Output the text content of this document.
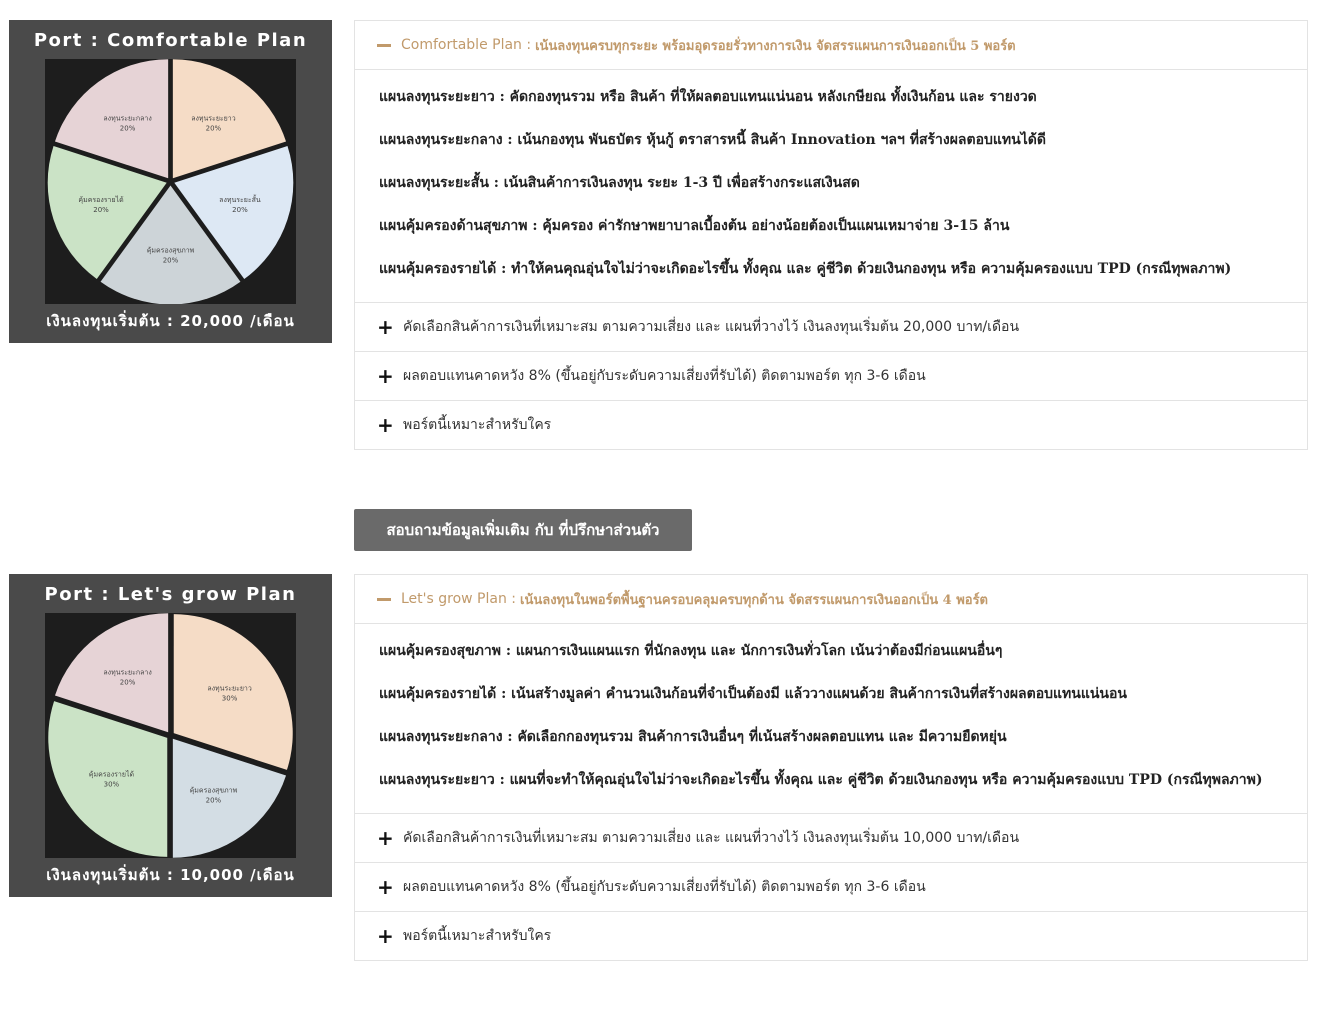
Port : Comfortable Plan
ลงทุนระยะยาว
20%
ลงทุนระยะสั้น
20%
คุ้มครองสุขภาพ
20%
คุ้มครองรายได้
20%
ลงทุนระยะกลาง
20%
เงินลงทุนเริ่มต้น : 20,000 /เดือน
Comfortable Plan : เน้นลงทุนครบทุกระยะ พร้อมอุดรอยรั่วทางการเงิน จัดสรรแผนการเงินออกเป็น 5 พอร์ต

แผนลงทุนระยะยาว : คัดกองทุนรวม หรือ สินค้า ที่ให้ผลตอบแทนแน่นอน หลังเกษียณ ทั้งเงินก้อน และ รายงวด

แผนลงทุนระยะกลาง : เน้นกองทุน พันธบัตร หุ้นกู้ ตราสารหนี้ สินค้า Innovation ฯลฯ ที่สร้างผลตอบแทนได้ดี

แผนลงทุนระยะสั้น : เน้นสินค้าการเงินลงทุน ระยะ 1-3 ปี เพื่อสร้างกระแสเงินสด

แผนคุ้มครองด้านสุขภาพ : คุ้มครอง ค่ารักษาพยาบาลเบื้องต้น อย่างน้อยต้องเป็นแผนเหมาจ่าย 3-15 ล้าน

แผนคุ้มครองรายได้ : ทำให้คนคุณอุ่นใจไม่ว่าจะเกิดอะไรขึ้น ทั้งคุณ และ คู่ชีวิต ด้วยเงินกองทุน หรือ ความคุ้มครองแบบ TPD (กรณีทุพลภาพ)

+ คัดเลือกสินค้าการเงินที่เหมาะสม ตามความเสี่ยง และ แผนที่วางไว้ เงินลงทุนเริ่มต้น 20,000 บาท/เดือน
+ ผลตอบแทนคาดหวัง 8% (ขึ้นอยู่กับระดับความเสี่ยงที่รับได้) ติดตามพอร์ต ทุก 3-6 เดือน
+ พอร์ตนี้เหมาะสำหรับใคร
สอบถามข้อมูลเพิ่มเติม กับ ที่ปรึกษาส่วนตัว
Port : Let's grow Plan
ลงทุนระยะยาว
30%
คุ้มครองสุขภาพ
20%
คุ้มครองรายได้
30%
ลงทุนระยะกลาง
20%
เงินลงทุนเริ่มต้น : 10,000 /เดือน
Let's grow Plan : เน้นลงทุนในพอร์ตพื้นฐานครอบคลุมครบทุกด้าน จัดสรรแผนการเงินออกเป็น 4 พอร์ต

แผนคุ้มครองสุขภาพ : แผนการเงินแผนแรก ที่นักลงทุน และ นักการเงินทั่วโลก เน้นว่าต้องมีก่อนแผนอื่นๆ

แผนคุ้มครองรายได้ : เน้นสร้างมูลค่า คำนวนเงินก้อนที่จำเป็นต้องมี แล้ววางแผนด้วย สินค้าการเงินที่สร้างผลตอบแทนแน่นอน

แผนลงทุนระยะกลาง : คัดเลือกกองทุนรวม สินค้าการเงินอื่นๆ ที่เน้นสร้างผลตอบแทน และ มีความยืดหยุ่น

แผนลงทุนระยะยาว : แผนที่จะทำให้คุณอุ่นใจไม่ว่าจะเกิดอะไรขึ้น ทั้งคุณ และ คู่ชีวิต ด้วยเงินกองทุน หรือ ความคุ้มครองแบบ TPD (กรณีทุพลภาพ)

+ คัดเลือกสินค้าการเงินที่เหมาะสม ตามความเสี่ยง และ แผนที่วางไว้ เงินลงทุนเริ่มต้น 10,000 บาท/เดือน
+ ผลตอบแทนคาดหวัง 8% (ขึ้นอยู่กับระดับความเสี่ยงที่รับได้) ติดตามพอร์ต ทุก 3-6 เดือน
+ พอร์ตนี้เหมาะสำหรับใคร
